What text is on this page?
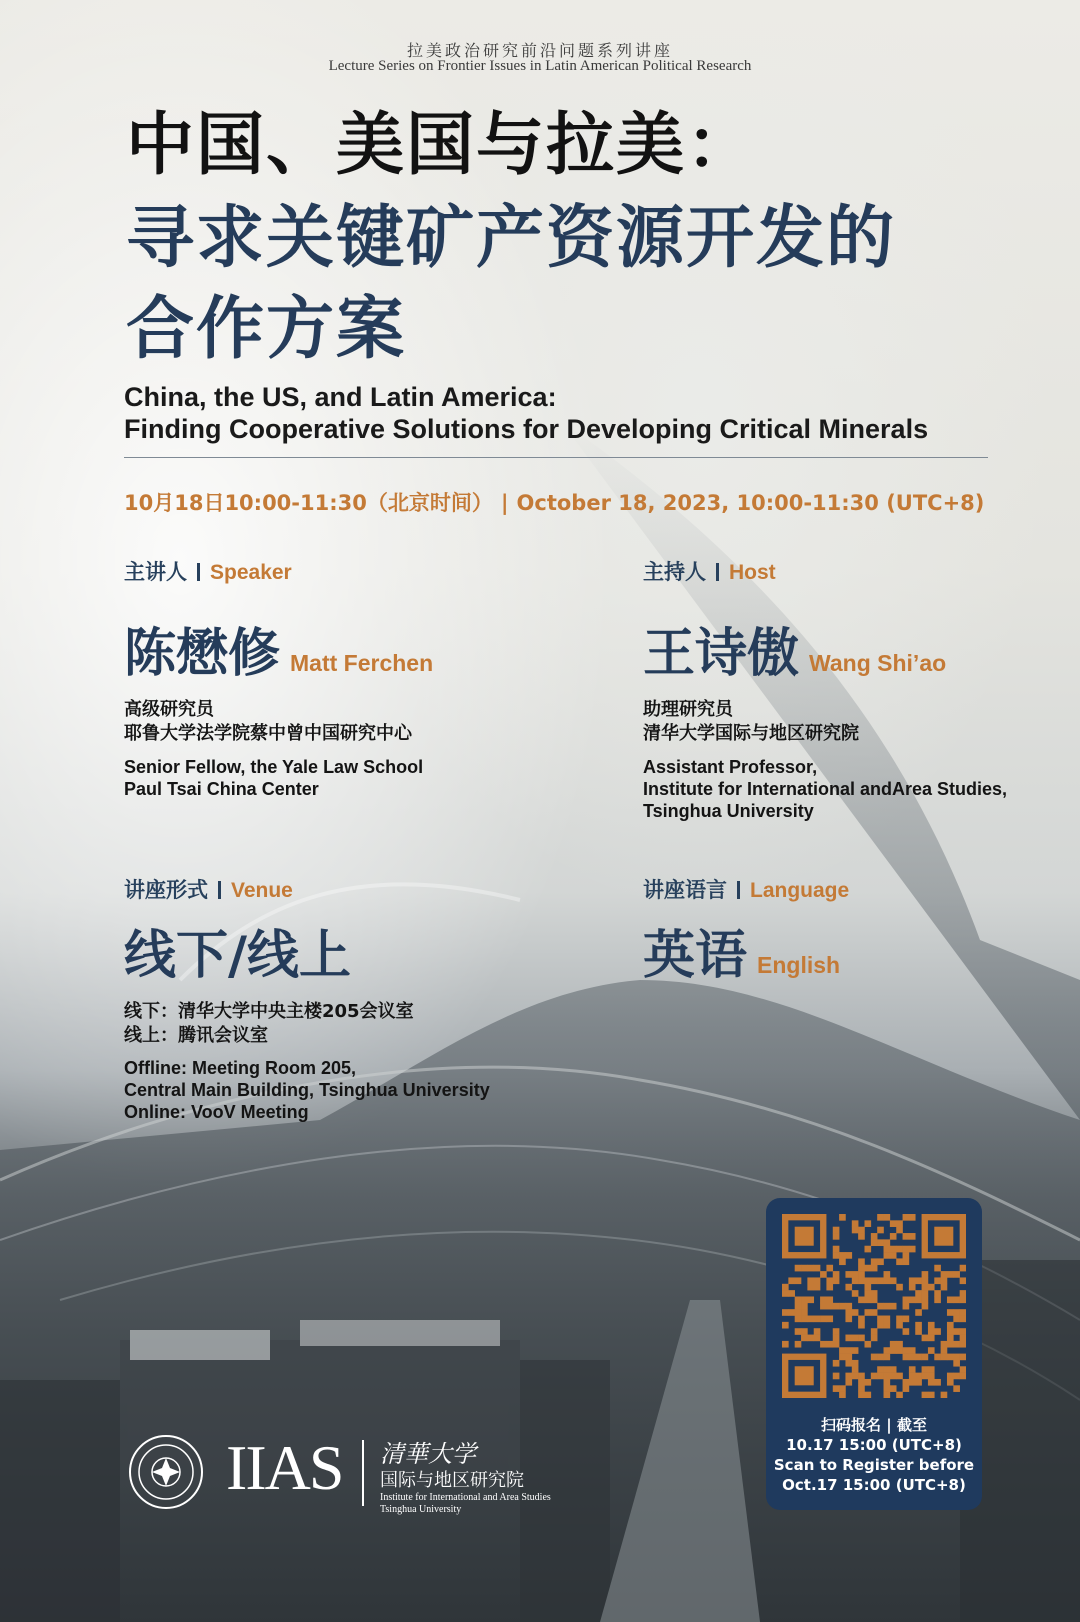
拉美政治研究前沿问题系列讲座
Lecture Series on Frontier Issues in Latin American Political Research
中国、美国与拉美：
寻求关键矿产资源开发的
合作方案
China, the US, and Latin America:
Finding Cooperative Solutions for Developing Critical Minerals
10月18日10:00-11:30（北京时间） | October 18, 2023, 10:00-11:30 (UTC+8)
主讲人 Speaker
陈懋修 Matt Ferchen
高级研究员
耶鲁大学法学院蔡中曾中国研究中心
Senior Fellow, the Yale Law School
Paul Tsai China Center
主持人 Host
王诗傲 Wang Shi’ao
助理研究员
清华大学国际与地区研究院
Assistant Professor,
Institute for International andArea Studies,
Tsinghua University
讲座形式 Venue
线下/线上
线下：清华大学中央主楼205会议室
线上：腾讯会议室
Offline: Meeting Room 205,
Central Main Building, Tsinghua University
Online: VooV Meeting
讲座语言 Language
英语 English
扫码报名 | 截至
10.17 15:00 (UTC+8)
Scan to Register before
Oct.17 15:00 (UTC+8)
IIAS 清華大学
国际与地区研究院
Institute for International and Area Studies
Tsinghua University
